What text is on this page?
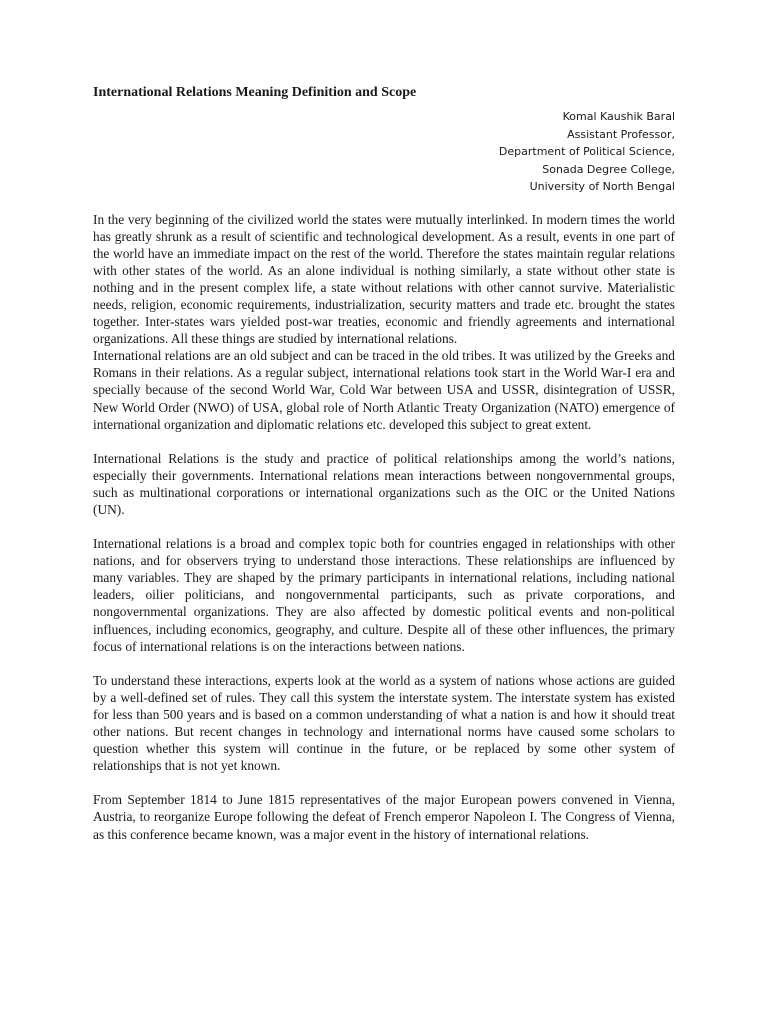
International Relations Meaning Definition and Scope
Komal Kaushik Baral
Assistant Professor,
Department of Political Science,
Sonada Degree College,
University of North Bengal

In the very beginning of the civilized world the states were mutually interlinked. In modern times the world has greatly shrunk as a result of scientific and technological development. As a result, events in one part of the world have an immediate impact on the rest of the world. Therefore the states maintain regular relations with other states of the world. As an alone individual is nothing similarly, a state without other state is nothing and in the present complex life, a state without relations with other cannot survive. Materialistic needs, religion, economic requirements, industrialization, security matters and trade etc. brought the states together. Inter-states wars yielded post-war treaties, economic and friendly agreements and international organizations. All these things are studied by international relations.

International relations are an old subject and can be traced in the old tribes. It was utilized by the Greeks and Romans in their relations. As a regular subject, international relations took start in the World War-I era and specially because of the second World War, Cold War between USA and USSR, disintegration of USSR, New World Order (NWO) of USA, global role of North Atlantic Treaty Organization (NATO) emergence of international organization and diplomatic relations etc. developed this subject to great extent.

International Relations is the study and practice of political relationships among the world’s nations, especially their governments. International relations mean interactions between nongovernmental groups, such as multinational corporations or international organizations such as the OIC or the United Nations (UN).

International relations is a broad and complex topic both for countries engaged in relationships with other nations, and for observers trying to understand those interactions. These relationships are influenced by many variables. They are shaped by the primary participants in international relations, including national leaders, oilier politicians, and nongovernmental participants, such as private corporations, and nongovernmental organizations. They are also affected by domestic political events and non-political influences, including economics, geography, and culture. Despite all of these other influences, the primary focus of international relations is on the interactions between nations.

To understand these interactions, experts look at the world as a system of nations whose actions are guided by a well-defined set of rules. They call this system the interstate system. The interstate system has existed for less than 500 years and is based on a common understanding of what a nation is and how it should treat other nations. But recent changes in technology and international norms have caused some scholars to question whether this system will continue in the future, or be replaced by some other system of relationships that is not yet known.

From September 1814 to June 1815 representatives of the major European powers convened in Vienna, Austria, to reorganize Europe following the defeat of French emperor Napoleon I. The Congress of Vienna, as this conference became known, was a major event in the history of international relations.
